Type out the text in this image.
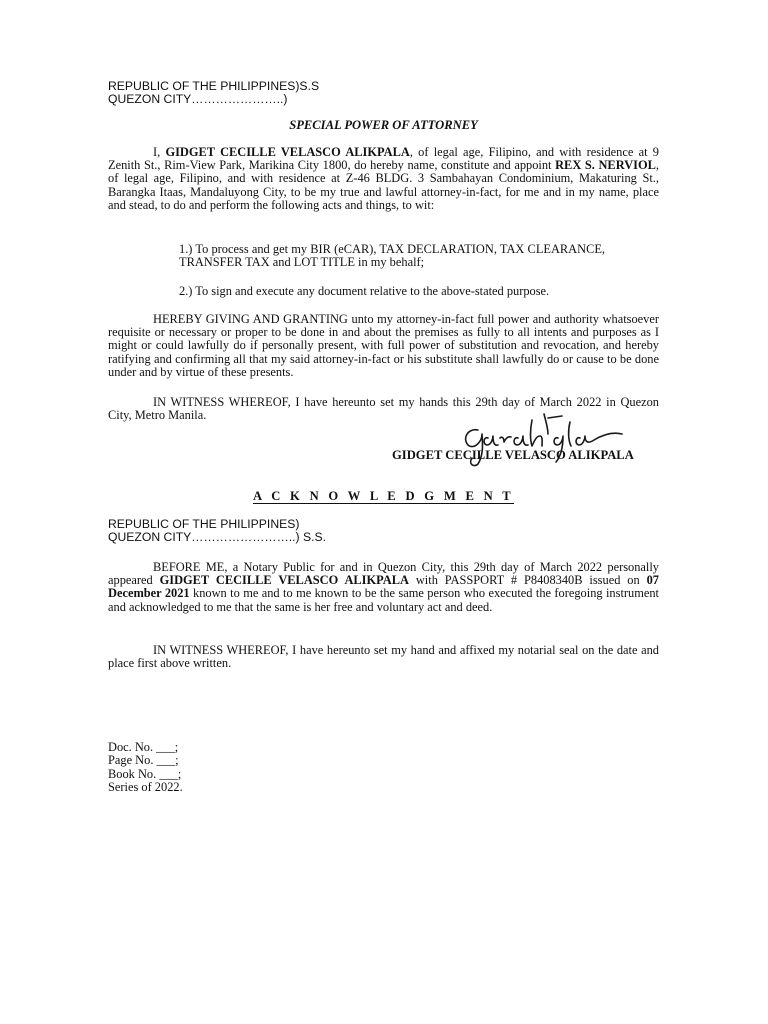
REPUBLIC OF THE PHILIPPINES)S.S
QUEZON CITY…………………..)
SPECIAL POWER OF ATTORNEY

I, GIDGET CECILLE VELASCO ALIKPALA, of legal age, Filipino, and with residence at 9 Zenith St., Rim-View Park, Marikina City 1800, do hereby name, constitute and appoint REX S. NERVIOL, of legal age, Filipino, and with residence at Z-46 BLDG. 3 Sambahayan Condominium, Makaturing St., Barangka Itaas, Mandaluyong City, to be my true and lawful attorney-in-fact, for me and in my name, place and stead, to do and perform the following acts and things, to wit:

1.) To process and get my BIR (eCAR), TAX DECLARATION, TAX CLEARANCE, TRANSFER TAX and LOT TITLE in my behalf;

2.) To sign and execute any document relative to the above-stated purpose.

HEREBY GIVING AND GRANTING unto my attorney-in-fact full power and authority whatsoever requisite or necessary or proper to be done in and about the premises as fully to all intents and purposes as I might or could lawfully do if personally present, with full power of substitution and revocation, and hereby ratifying and confirming all that my said attorney-in-fact or his substitute shall lawfully do or cause to be done under and by virtue of these presents.

IN WITNESS WHEREOF, I have hereunto set my hands this 29th day of March 2022 in Quezon City, Metro Manila.

GIDGET CECILLE VELASCO ALIKPALA
A C K N O W L E D G M E N T
REPUBLIC OF THE PHILIPPINES)
QUEZON CITY……………………..) S.S.

BEFORE ME, a Notary Public for and in Quezon City, this 29th day of March 2022 personally appeared GIDGET CECILLE VELASCO ALIKPALA with PASSPORT # P8408340B issued on 07 December 2021 known to me and to me known to be the same person who executed the foregoing instrument and acknowledged to me that the same is her free and voluntary act and deed.

IN WITNESS WHEREOF, I have hereunto set my hand and affixed my notarial seal on the date and place first above written.

Doc. No. ___;
Page No. ___;
Book No. ___;
Series of 2022.
